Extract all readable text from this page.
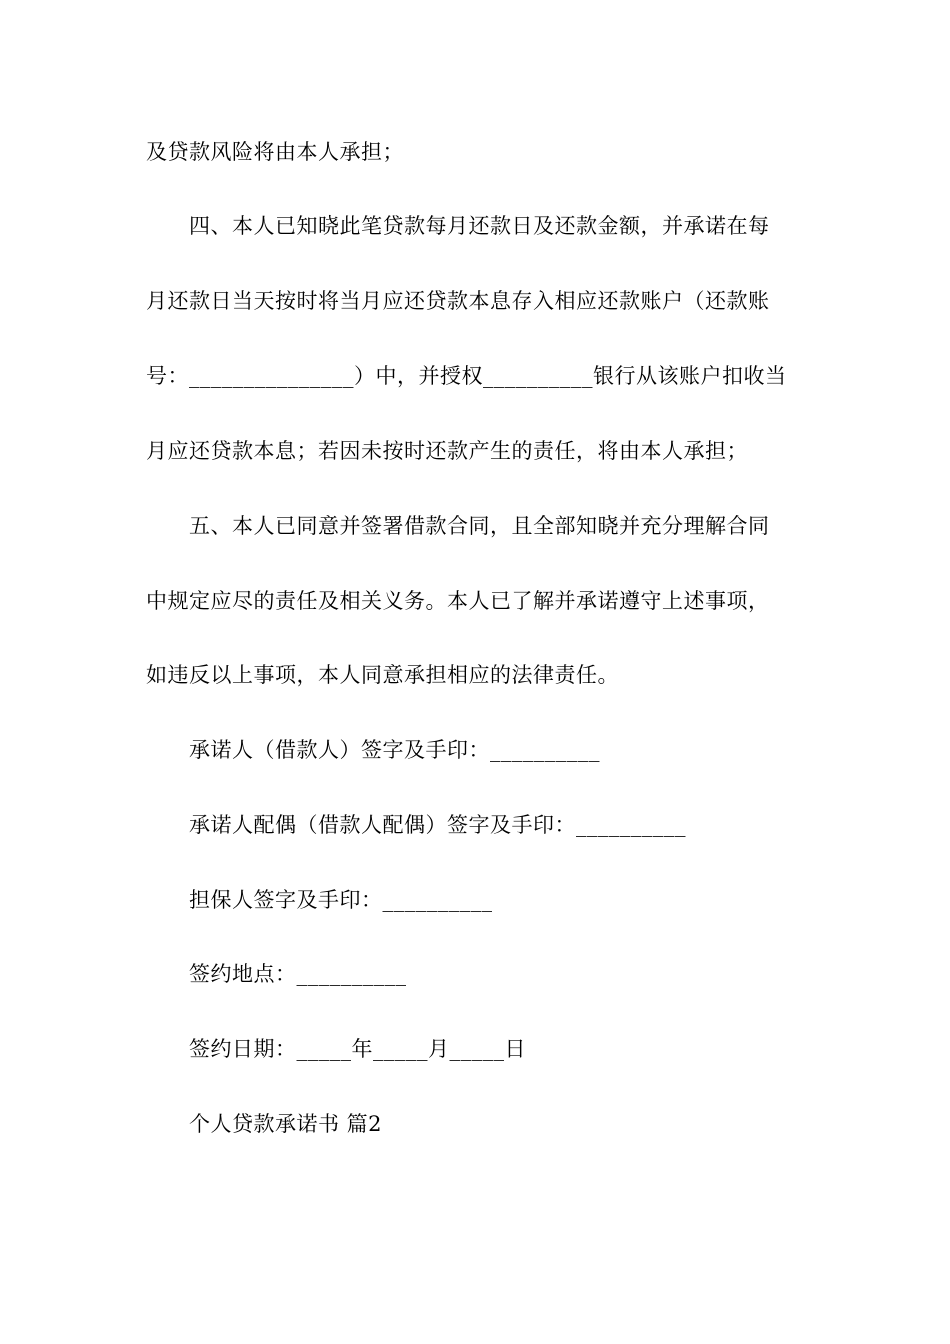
及贷款风险将由本人承担；
四、本人已知晓此笔贷款每月还款日及还款金额，并承诺在每
月还款日当天按时将当月应还贷款本息存入相应还款账户（还款账
号：_______________）中，并授权__________银行从该账户扣收当
月应还贷款本息；若因未按时还款产生的责任，将由本人承担；
五、本人已同意并签署借款合同，且全部知晓并充分理解合同
中规定应尽的责任及相关义务。本人已了解并承诺遵守上述事项，
如违反以上事项，本人同意承担相应的法律责任。
承诺人（借款人）签字及手印：__________
承诺人配偶（借款人配偶）签字及手印：__________
担保人签字及手印：__________
签约地点：__________
签约日期：_____年_____月_____日
个人贷款承诺书 篇2
